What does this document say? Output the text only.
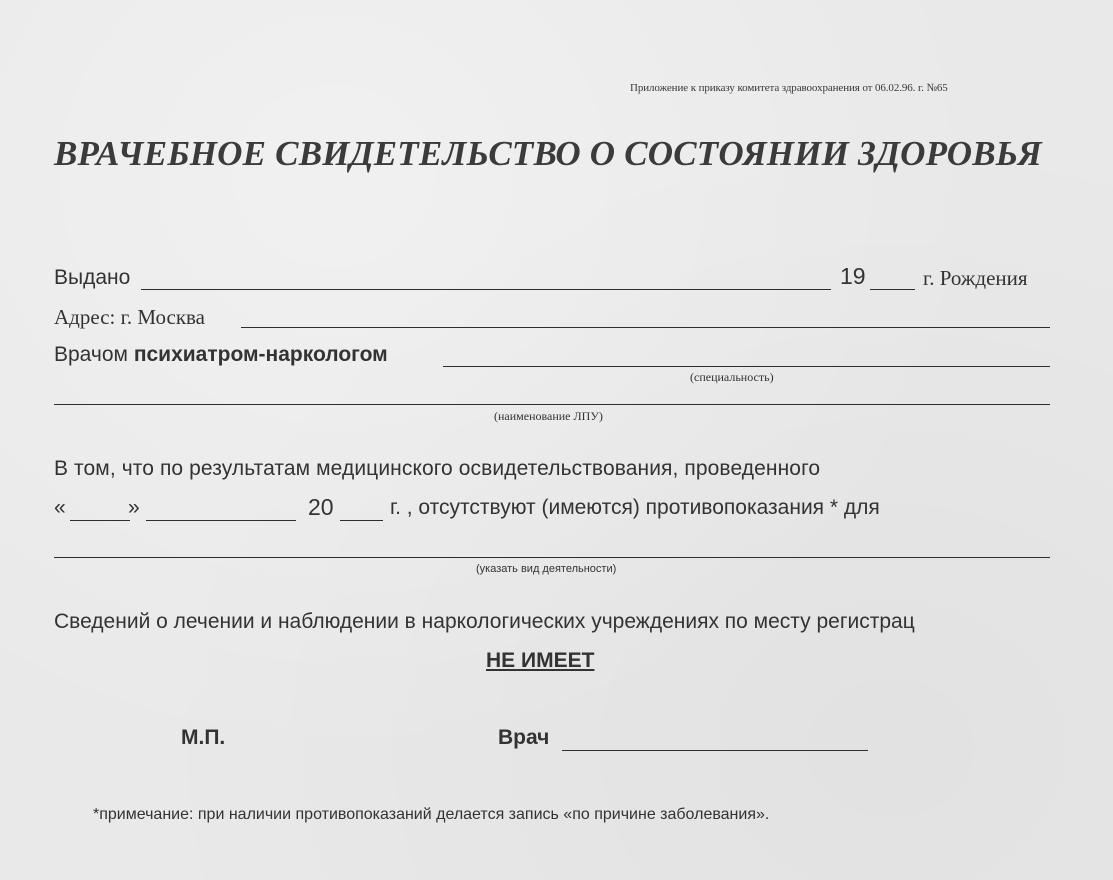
Приложение к приказу комитета здравоохранения от 06.02.96. г. №65
ВРАЧЕБНОЕ СВИДЕТЕЛЬСТВО О СОСТОЯНИИ ЗДОРОВЬЯ
Выдано	19	г. Рождения
Адрес: г. Москва
Врачом психиатром-наркологом
(специальность)
(наименование ЛПУ)
В том, что по результатам медицинского освидетельствования, проведенного
«	»	20	г. , отсутствуют (имеются) противопоказания * для
(указать вид деятельности)
Сведений о лечении и наблюдении в наркологических учреждениях по месту регистрац
НЕ ИМЕЕТ
М.П.	Врач
*примечание: при наличии противопоказаний делается запись «по причине заболевания».
